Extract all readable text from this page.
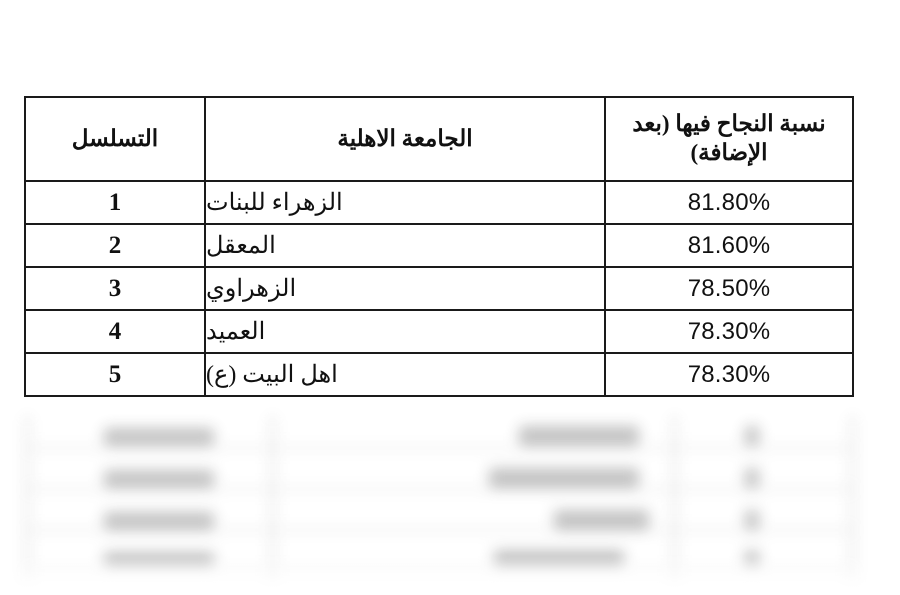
نسبة النجاح فيها (بعد الإضافة)	الجامعة الاهلية	التسلسل
81.80%	الزهراء للبنات	1
81.60%	المعقل	2
78.50%	الزهراوي	3
78.30%	العميد	4
78.30%	اهل البيت (ع)	5
